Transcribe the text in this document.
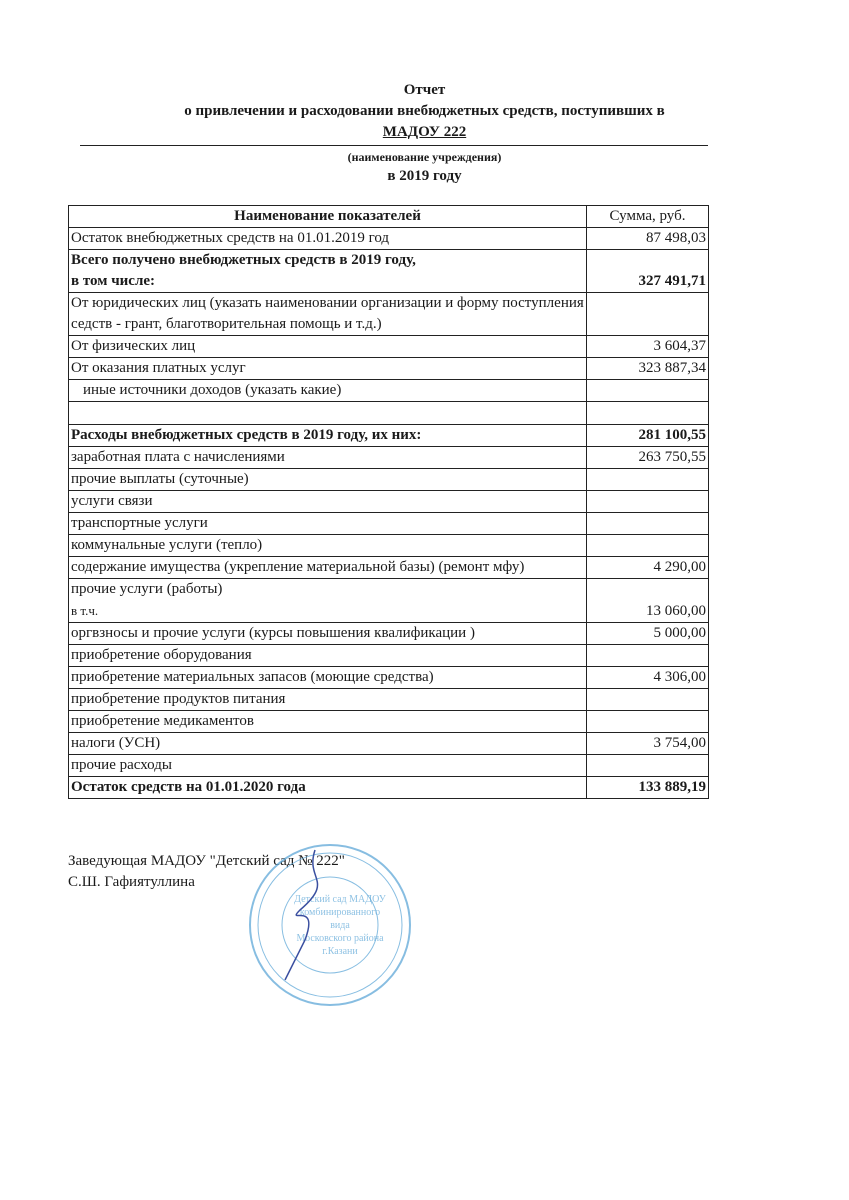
Отчет
о привлечении и расходовании внебюджетных средств, поступивших в
МАДОУ 222
(наименование учреждения)
в 2019 году
Наименование показателей	Сумма, руб.
Остаток внебюджетных средств на 01.01.2019 год	87 498,03
Всего получено внебюджетных средств в 2019 году,
в том числе:	327 491,71
От юридических лиц (указать наименовании организации и форму поступления седств - грант, благотворительная помощь и т.д.)	
От физических лиц	3 604,37
От оказания платных услуг	323 887,34
иные источники доходов (указать какие)	

Расходы внебюджетных средств в 2019 году, их них:	281 100,55
заработная плата с начислениями	263 750,55
прочие выплаты (суточные)	
услуги связи	
транспортные услуги	
коммунальные услуги (тепло)	
содержание имущества (укрепление материальной базы) (ремонт мфу)	4 290,00
прочие услуги (работы)
в т.ч.	13 060,00
оргвзносы и прочие услуги (курсы повышения квалификации )	5 000,00
приобретение оборудования	
приобретение материальных запасов (моющие средства)	4 306,00
приобретение продуктов питания	
приобретение медикаментов	
налоги (УСН)	3 754,00
прочие расходы	
Остаток средств на 01.01.2020 года	133 889,19
Заведующая МАДОУ "Детский сад № 222"
С.Ш. Гафиятуллина
Детский сад МАДОУ
комбинированного
вида
Московского района
г.Казани
